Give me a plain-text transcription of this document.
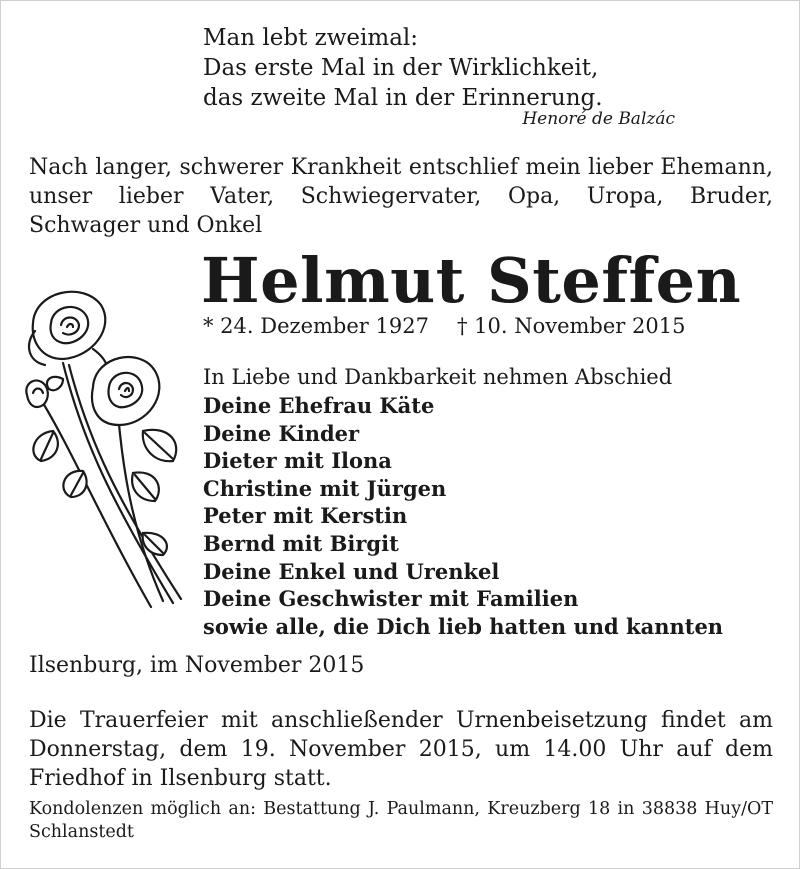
Man lebt zweimal:
Das erste Mal in der Wirklichkeit,
das zweite Mal in der Erinnerung.
Henoré de Balzác
Nach langer, schwerer Krankheit entschlief mein lieber Ehemann, unser lieber Vater, Schwiegervater, Opa, Uropa, Bruder, Schwager und Onkel
Helmut Steffen
* 24. Dezember 1927 † 10. November 2015
In Liebe und Dankbarkeit nehmen Abschied
Deine Ehefrau Käte
Deine Kinder
Dieter mit Ilona
Christine mit Jürgen
Peter mit Kerstin
Bernd mit Birgit
Deine Enkel und Urenkel
Deine Geschwister mit Familien
sowie alle, die Dich lieb hatten und kannten
Ilsenburg, im November 2015
Die Trauerfeier mit anschließender Urnenbeisetzung findet am Donnerstag, dem 19. November 2015, um 14.00 Uhr auf dem Friedhof in Ilsenburg statt.
Kondolenzen möglich an: Bestattung J. Paulmann, Kreuzberg 18 in 38838 Huy/OT Schlanstedt
